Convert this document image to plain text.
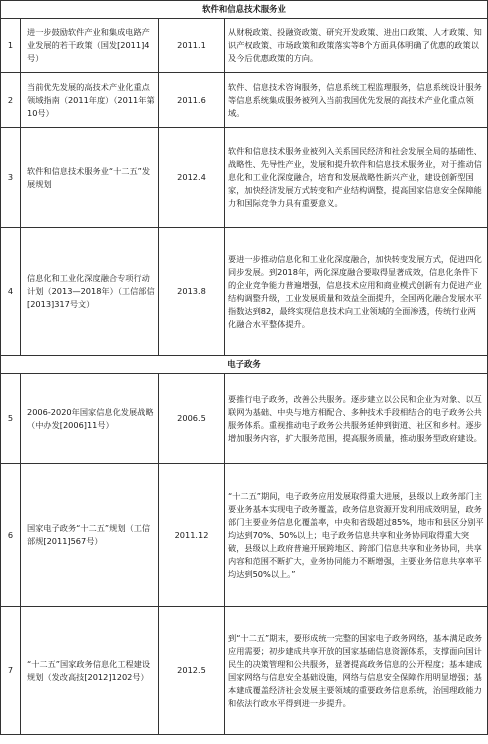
软件和信息技术服务业			
1	进一步鼓励软件产业和集成电路产业发展的若干政策（国发[2011]4号）	2011.1	从财税政策、投融资政策、研究开发政策、进出口政策、人才政策、知识产权政策、市场政策和政策落实等8个方面具体明确了优惠的政策以及今后优惠政策的方向。
2	当前优先发展的高技术产业化重点领域指南（2011年度）（2011年第10号）	2011.6	软件、信息技术咨询服务，信息系统工程监理服务，信息系统设计服务等信息系统集成服务被列入当前我国优先发展的高技术产业化重点领域。
3	软件和信息技术服务业“十二五”发展规划	2012.4	软件和信息技术服务业被列入关系国民经济和社会发展全局的基础性、战略性、先导性产业，发展和提升软件和信息技术服务业，对于推动信息化和工业化深度融合，培育和发展战略性新兴产业，建设创新型国家，加快经济发展方式转变和产业结构调整，提高国家信息安全保障能力和国际竞争力具有重要意义。
4	信息化和工业化深度融合专项行动计划（2013—2018年）（工信部信[2013]317号文）	2013.8	要进一步推动信息化和工业化深度融合，加快转变发展方式，促进四化同步发展。到2018年，两化深度融合要取得显著成效，信息化条件下的企业竞争能力普遍增强，信息技术应用和商业模式创新有力促进产业结构调整升级，工业发展质量和效益全面提升，全国两化融合发展水平指数达到82，最终实现信息技术向工业领域的全面渗透，传统行业两化融合水平整体提升。
电子政务			
5	2006-2020年国家信息化发展战略（中办发[2006]11号）	2006.5	要推行电子政务，改善公共服务。逐步建立以公民和企业为对象、以互联网为基础、中央与地方相配合、多种技术手段相结合的电子政务公共服务体系。重视推动电子政务公共服务延伸到街道、社区和乡村。逐步增加服务内容，扩大服务范围，提高服务质量，推动服务型政府建设。
6	国家电子政务“十二五”规划（工信部规[2011]567号）	2011.12	“十二五”期间，电子政务应用发展取得重大进展，县级以上政务部门主要业务基本实现电子政务覆盖，政务信息资源开发利用成效明显，政务部门主要业务信息化覆盖率，中央和省级超过85%，地市和县区分别平均达到70%、50%以上；电子政务信息共享和业务协同取得重大突破，县级以上政府普遍开展跨地区、跨部门信息共享和业务协同，共享内容和范围不断扩大，业务协同能力不断增强，主要业务信息共享率平均达到50%以上。”
7	“十二五”国家政务信息化工程建设规划（发改高技[2012]1202号）	2012.5	到“十二五”期末，要形成统一完整的国家电子政务网络，基本满足政务应用需要；初步建成共享开放的国家基础信息资源体系，支撑面向国计民生的决策管理和公共服务，显著提高政务信息的公开程度；基本建成国家网络与信息安全基础设施，网络与信息安全保障作用明显增强；基本建成覆盖经济社会发展主要领域的重要政务信息系统，治国理政能力和依法行政水平得到进一步提升。
